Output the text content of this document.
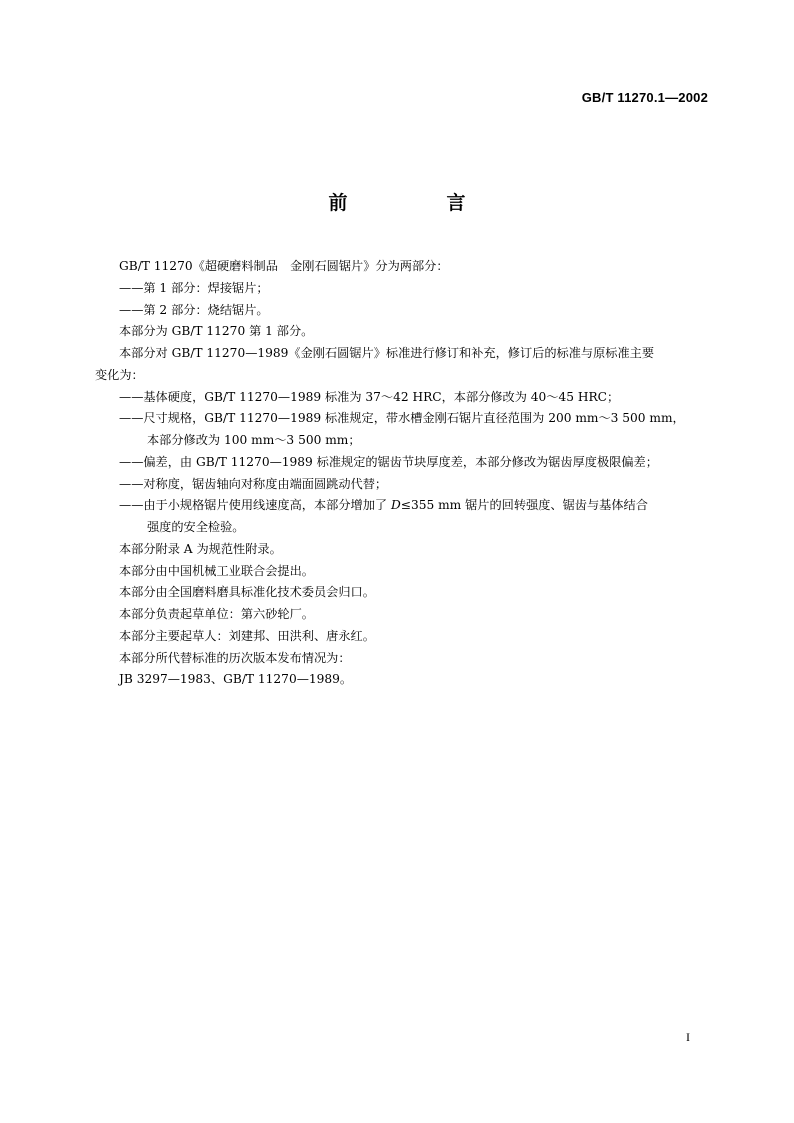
GB/T 11270.1—2002
前　言
GB/T 11270《超硬磨料制品　金刚石圆锯片》分为两部分：
——第 1 部分：焊接锯片；
——第 2 部分：烧结锯片。
本部分为 GB/T 11270 第 1 部分。
本部分对 GB/T 11270—1989《金刚石圆锯片》标准进行修订和补充，修订后的标准与原标准主要
变化为：
——基体硬度，GB/T 11270—1989 标准为 37～42 HRC，本部分修改为 40～45 HRC；
——尺寸规格，GB/T 11270—1989 标准规定，带水槽金刚石锯片直径范围为 200 mm～3 500 mm，
本部分修改为 100 mm～3 500 mm；
——偏差，由 GB/T 11270—1989 标准规定的锯齿节块厚度差，本部分修改为锯齿厚度极限偏差；
——对称度，锯齿轴向对称度由端面圆跳动代替；
——由于小规格锯片使用线速度高，本部分增加了 D≤355 mm 锯片的回转强度、锯齿与基体结合
强度的安全检验。
本部分附录 A 为规范性附录。
本部分由中国机械工业联合会提出。
本部分由全国磨料磨具标准化技术委员会归口。
本部分负责起草单位：第六砂轮厂。
本部分主要起草人：刘建邦、田洪利、唐永红。
本部分所代替标准的历次版本发布情况为：
JB 3297—1983、GB/T 11270—1989。
I
